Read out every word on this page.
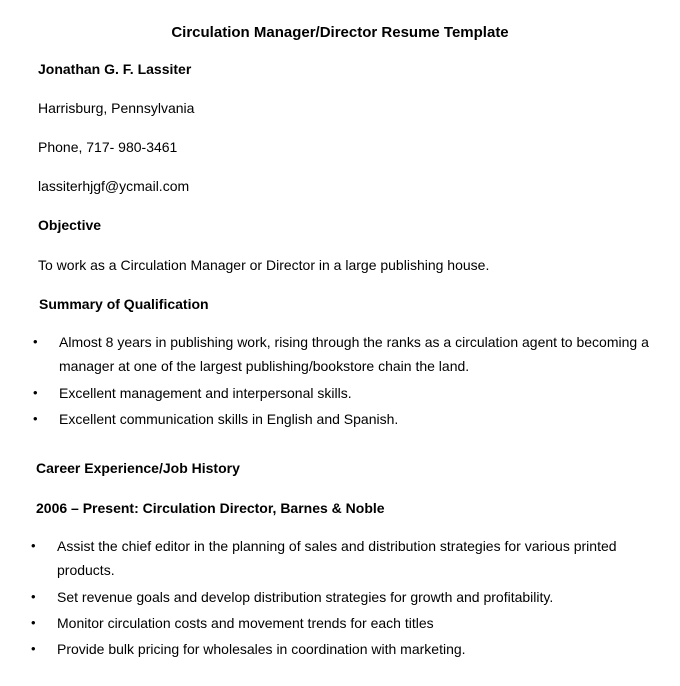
Circulation Manager/Director Resume Template
Jonathan G. F. Lassiter
Harrisburg, Pennsylvania
Phone, 717- 980-3461
lassiterhjgf@ycmail.com
Objective
To work as a Circulation Manager or Director in a large publishing house.
Summary of Qualification
•	Almost 8 years in publishing work, rising through the ranks as a circulation agent to becoming a manager at one of the largest publishing/bookstore chain the land.
•	Excellent management and interpersonal skills.
•	Excellent communication skills in English and Spanish.
Career Experience/Job History
2006 – Present: Circulation Director, Barnes & Noble
•	Assist the chief editor in the planning of sales and distribution strategies for various printed products.
•	Set revenue goals and develop distribution strategies for growth and profitability.
•	Monitor circulation costs and movement trends for each titles
•	Provide bulk pricing for wholesales in coordination with marketing.
